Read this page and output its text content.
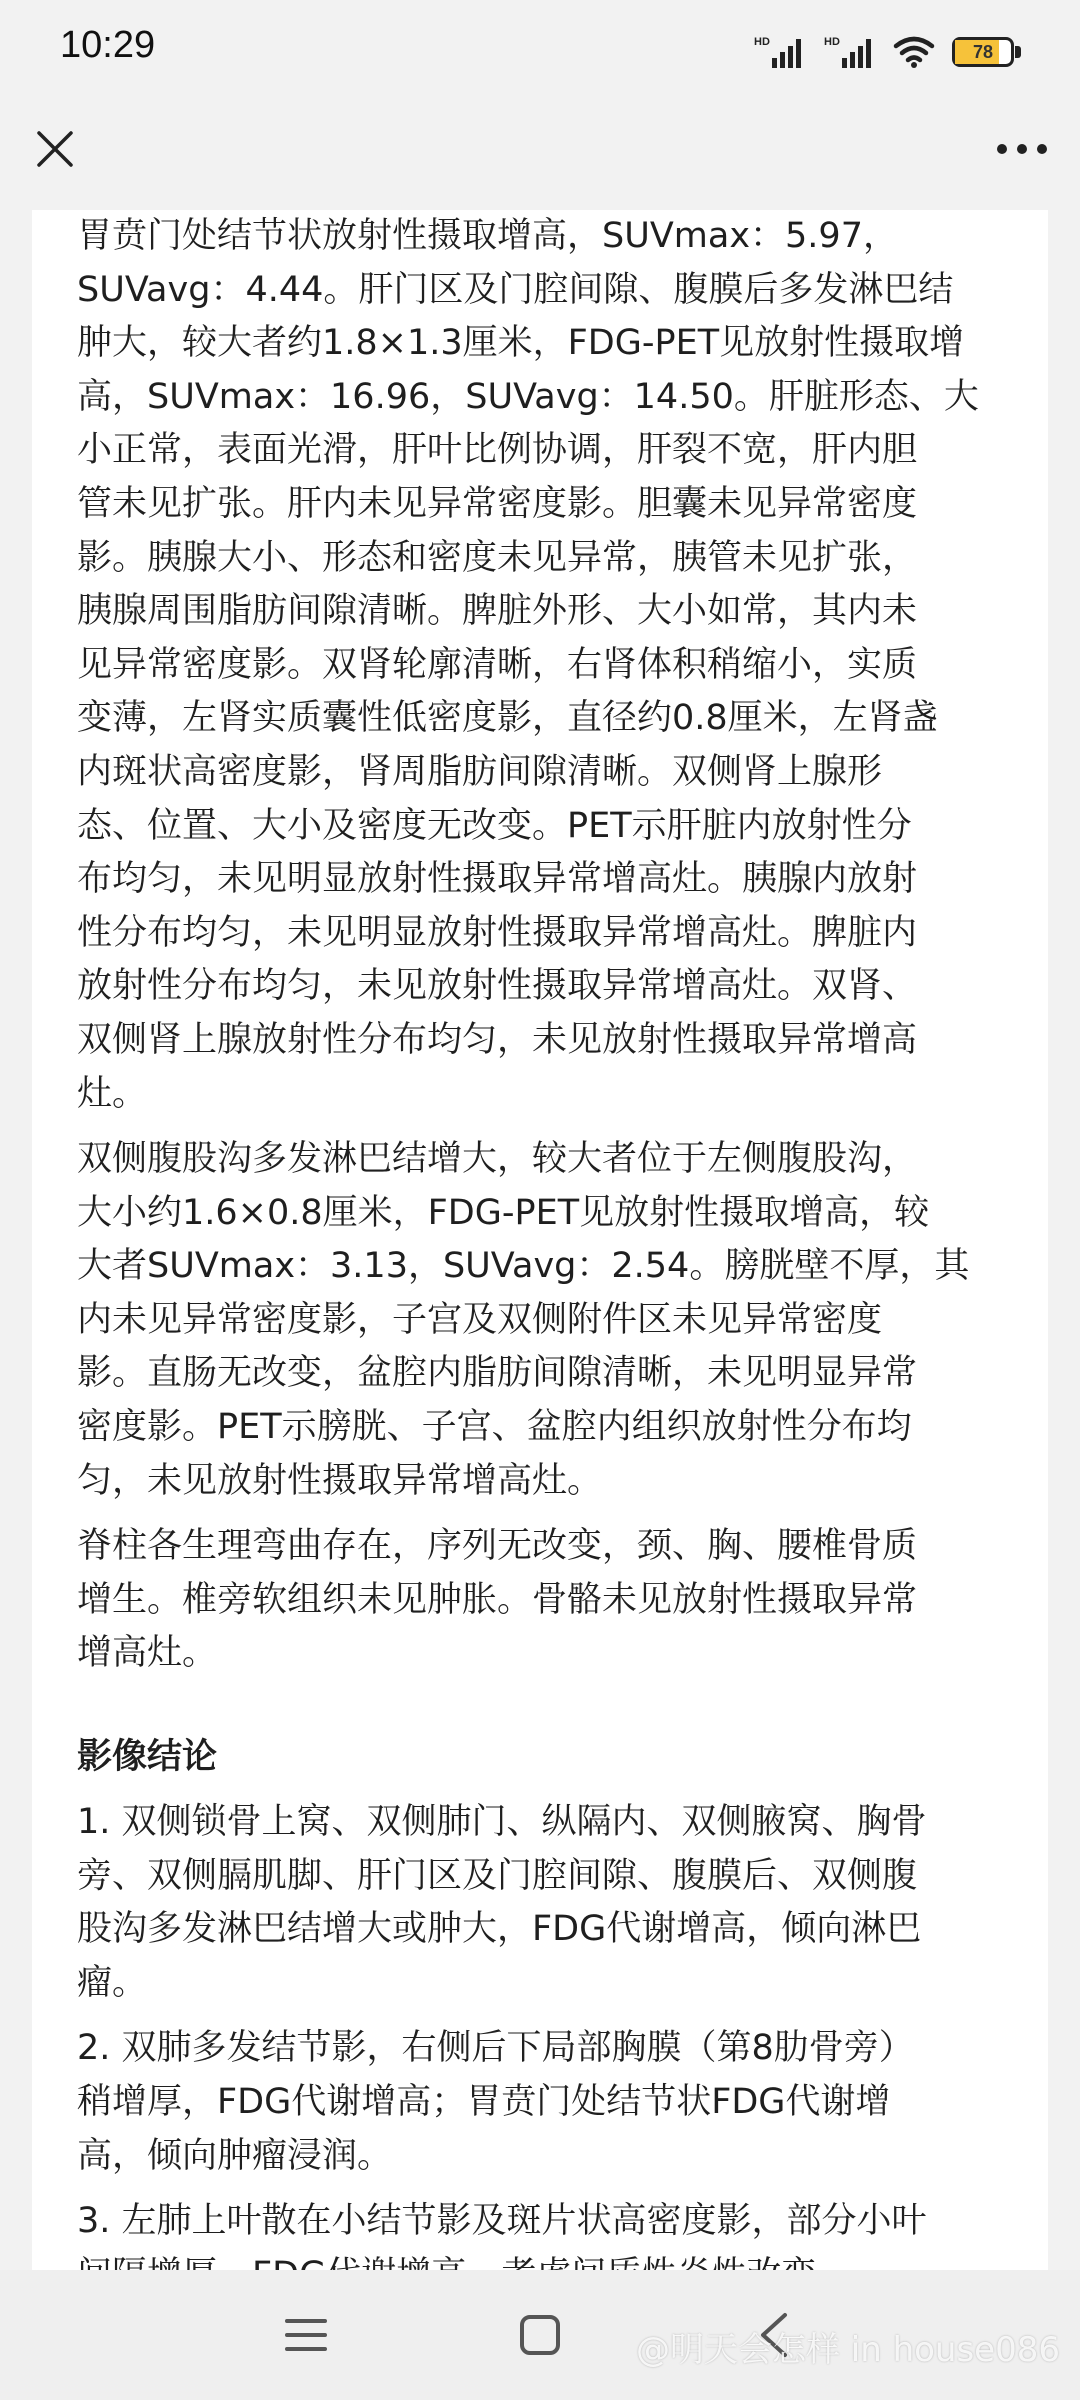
10:29	HD	HD	78

胃贲门处结节状放射性摄取增高，SUVmax：5.97，
SUVavg：4.44。肝门区及门腔间隙、腹膜后多发淋巴结
肿大，较大者约1.8×1.3厘米，FDG-PET见放射性摄取增
高，SUVmax：16.96，SUVavg：14.50。肝脏形态、大
小正常，表面光滑，肝叶比例协调，肝裂不宽，肝内胆
管未见扩张。肝内未见异常密度影。胆囊未见异常密度
影。胰腺大小、形态和密度未见异常，胰管未见扩张，
胰腺周围脂肪间隙清晰。脾脏外形、大小如常，其内未
见异常密度影。双肾轮廓清晰，右肾体积稍缩小，实质
变薄，左肾实质囊性低密度影，直径约0.8厘米，左肾盏
内斑状高密度影，肾周脂肪间隙清晰。双侧肾上腺形
态、位置、大小及密度无改变。PET示肝脏内放射性分
布均匀，未见明显放射性摄取异常增高灶。胰腺内放射
性分布均匀，未见明显放射性摄取异常增高灶。脾脏内
放射性分布均匀，未见放射性摄取异常增高灶。双肾、
双侧肾上腺放射性分布均匀，未见放射性摄取异常增高
灶。

双侧腹股沟多发淋巴结增大，较大者位于左侧腹股沟，
大小约1.6×0.8厘米，FDG-PET见放射性摄取增高，较
大者SUVmax：3.13，SUVavg：2.54。膀胱壁不厚，其
内未见异常密度影，子宫及双侧附件区未见异常密度
影。直肠无改变，盆腔内脂肪间隙清晰，未见明显异常
密度影。PET示膀胱、子宫、盆腔内组织放射性分布均
匀，未见放射性摄取异常增高灶。

脊柱各生理弯曲存在，序列无改变，颈、胸、腰椎骨质
增生。椎旁软组织未见肿胀。骨骼未见放射性摄取异常
增高灶。

影像结论

1. 双侧锁骨上窝、双侧肺门、纵隔内、双侧腋窝、胸骨
旁、双侧膈肌脚、肝门区及门腔间隙、腹膜后、双侧腹
股沟多发淋巴结增大或肿大，FDG代谢增高，倾向淋巴
瘤。

2. 双肺多发结节影，右侧后下局部胸膜（第8肋骨旁）
稍增厚，FDG代谢增高；胃贲门处结节状FDG代谢增
高，倾向肿瘤浸润。

3. 左肺上叶散在小结节影及斑片状高密度影，部分小叶

@明天会怎样 in house086
